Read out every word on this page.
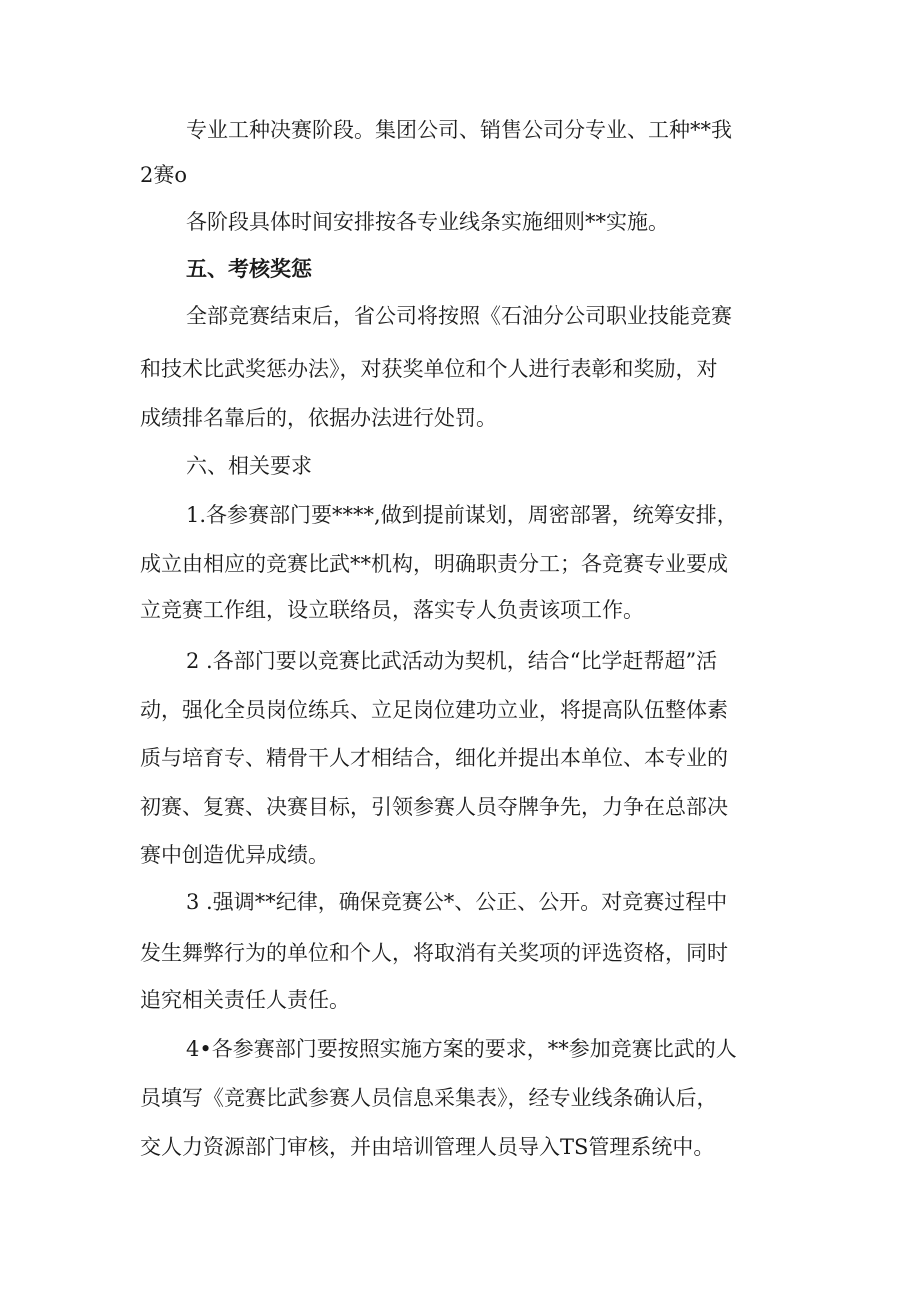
专业工种决赛阶段。集团公司、销售公司分专业、工种**我
2赛o
各阶段具体时间安排按各专业线条实施细则**实施。
五、考核奖惩
全部竞赛结束后，省公司将按照《石油分公司职业技能竞赛
和技术比武奖惩办法》，对获奖单位和个人进行表彰和奖励，对
成绩排名靠后的，依据办法进行处罚。
六、相关要求
1.各参赛部门要****,做到提前谋划，周密部署，统筹安排，
成立由相应的竞赛比武**机构，明确职责分工；各竞赛专业要成
立竞赛工作组，设立联络员，落实专人负责该项工作。
2 .各部门要以竞赛比武活动为契机，结合“比学赶帮超”活
动，强化全员岗位练兵、立足岗位建功立业，将提高队伍整体素
质与培育专、精骨干人才相结合，细化并提出本单位、本专业的
初赛、复赛、决赛目标，引领参赛人员夺牌争先，力争在总部决
赛中创造优异成绩。
3 .强调**纪律，确保竞赛公*、公正、公开。对竞赛过程中
发生舞弊行为的单位和个人，将取消有关奖项的评选资格，同时
追究相关责任人责任。
4•各参赛部门要按照实施方案的要求，**参加竞赛比武的人
员填写《竞赛比武参赛人员信息采集表》，经专业线条确认后，
交人力资源部门审核，并由培训管理人员导入TS管理系统中。
